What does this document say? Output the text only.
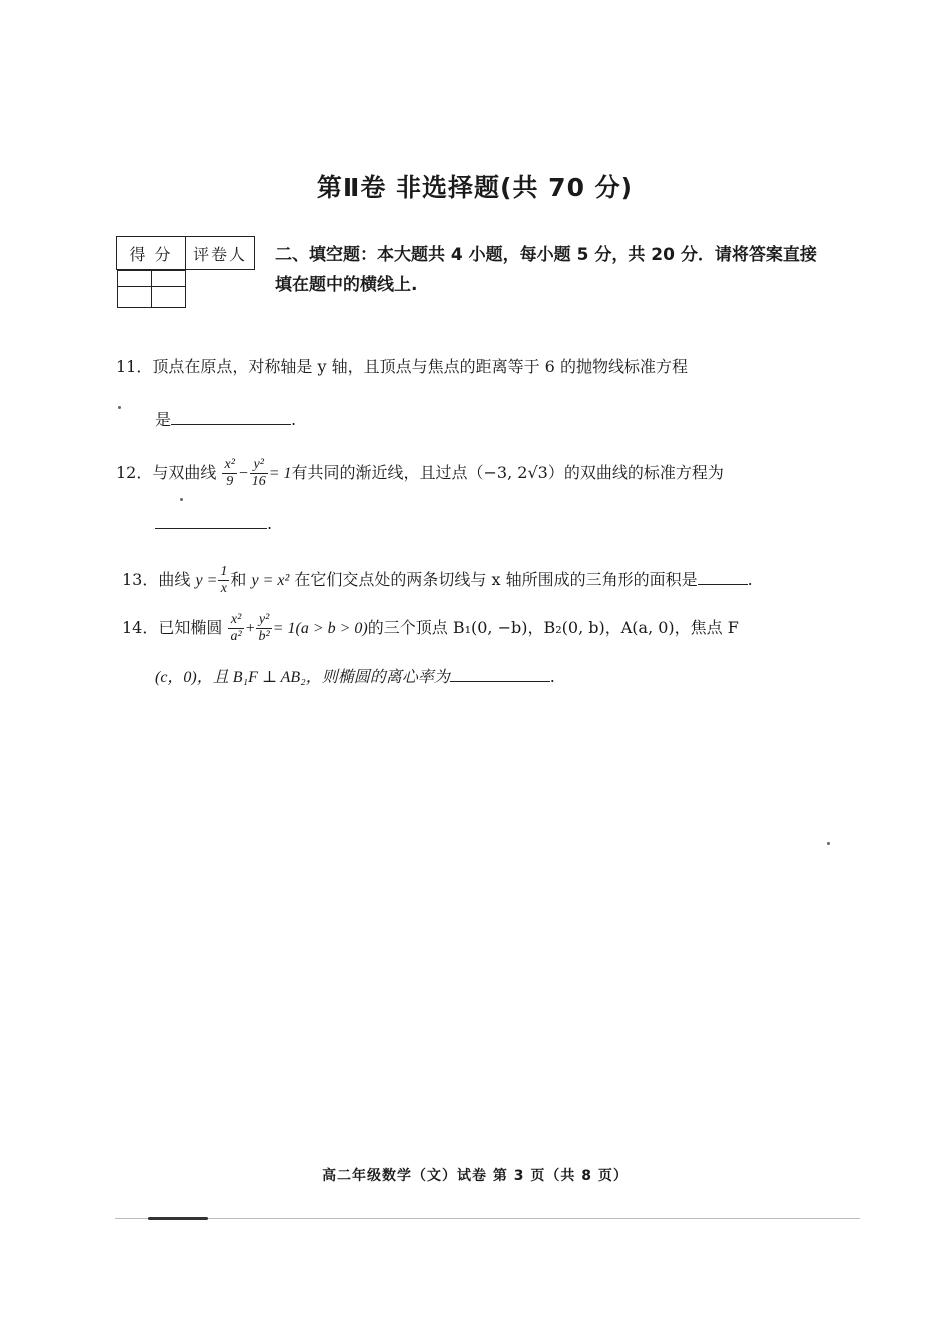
第Ⅱ卷 非选择题(共 70 分)
得 分	评卷人
	二、填空题：本大题共 4 小题，每小题 5 分，共 20 分．请将答案直接填在题中的横线上.
11．顶点在原点，对称轴是 y 轴，且顶点与焦点的距离等于 6 的抛物线标准方程
是	.
12．与双曲线 $\frac{\text{x²}}{9} - \frac{\text{y²}}{16} = 1$有共同的渐近线，且过点（−3, 2√3）的双曲线的标准方程为
.
13．曲线 $y = \frac{1}{x}$ 和 y = x² 在它们交点处的两条切线与 x 轴所围成的三角形的面积是	.
14．已知椭圆 $\frac{\text{x²}}{\text{a²}} + \frac{\text{y²}}{\text{b²}} = 1(a > b > 0)$的三个顶点 B₁(0, −b)，B₂(0, b)，A(a, 0)，焦点 F
(c，0)，且 B₁F ⊥ AB₂，则椭圆的离心率为	.
高二年级数学（文）试卷 第 3 页（共 8 页）
